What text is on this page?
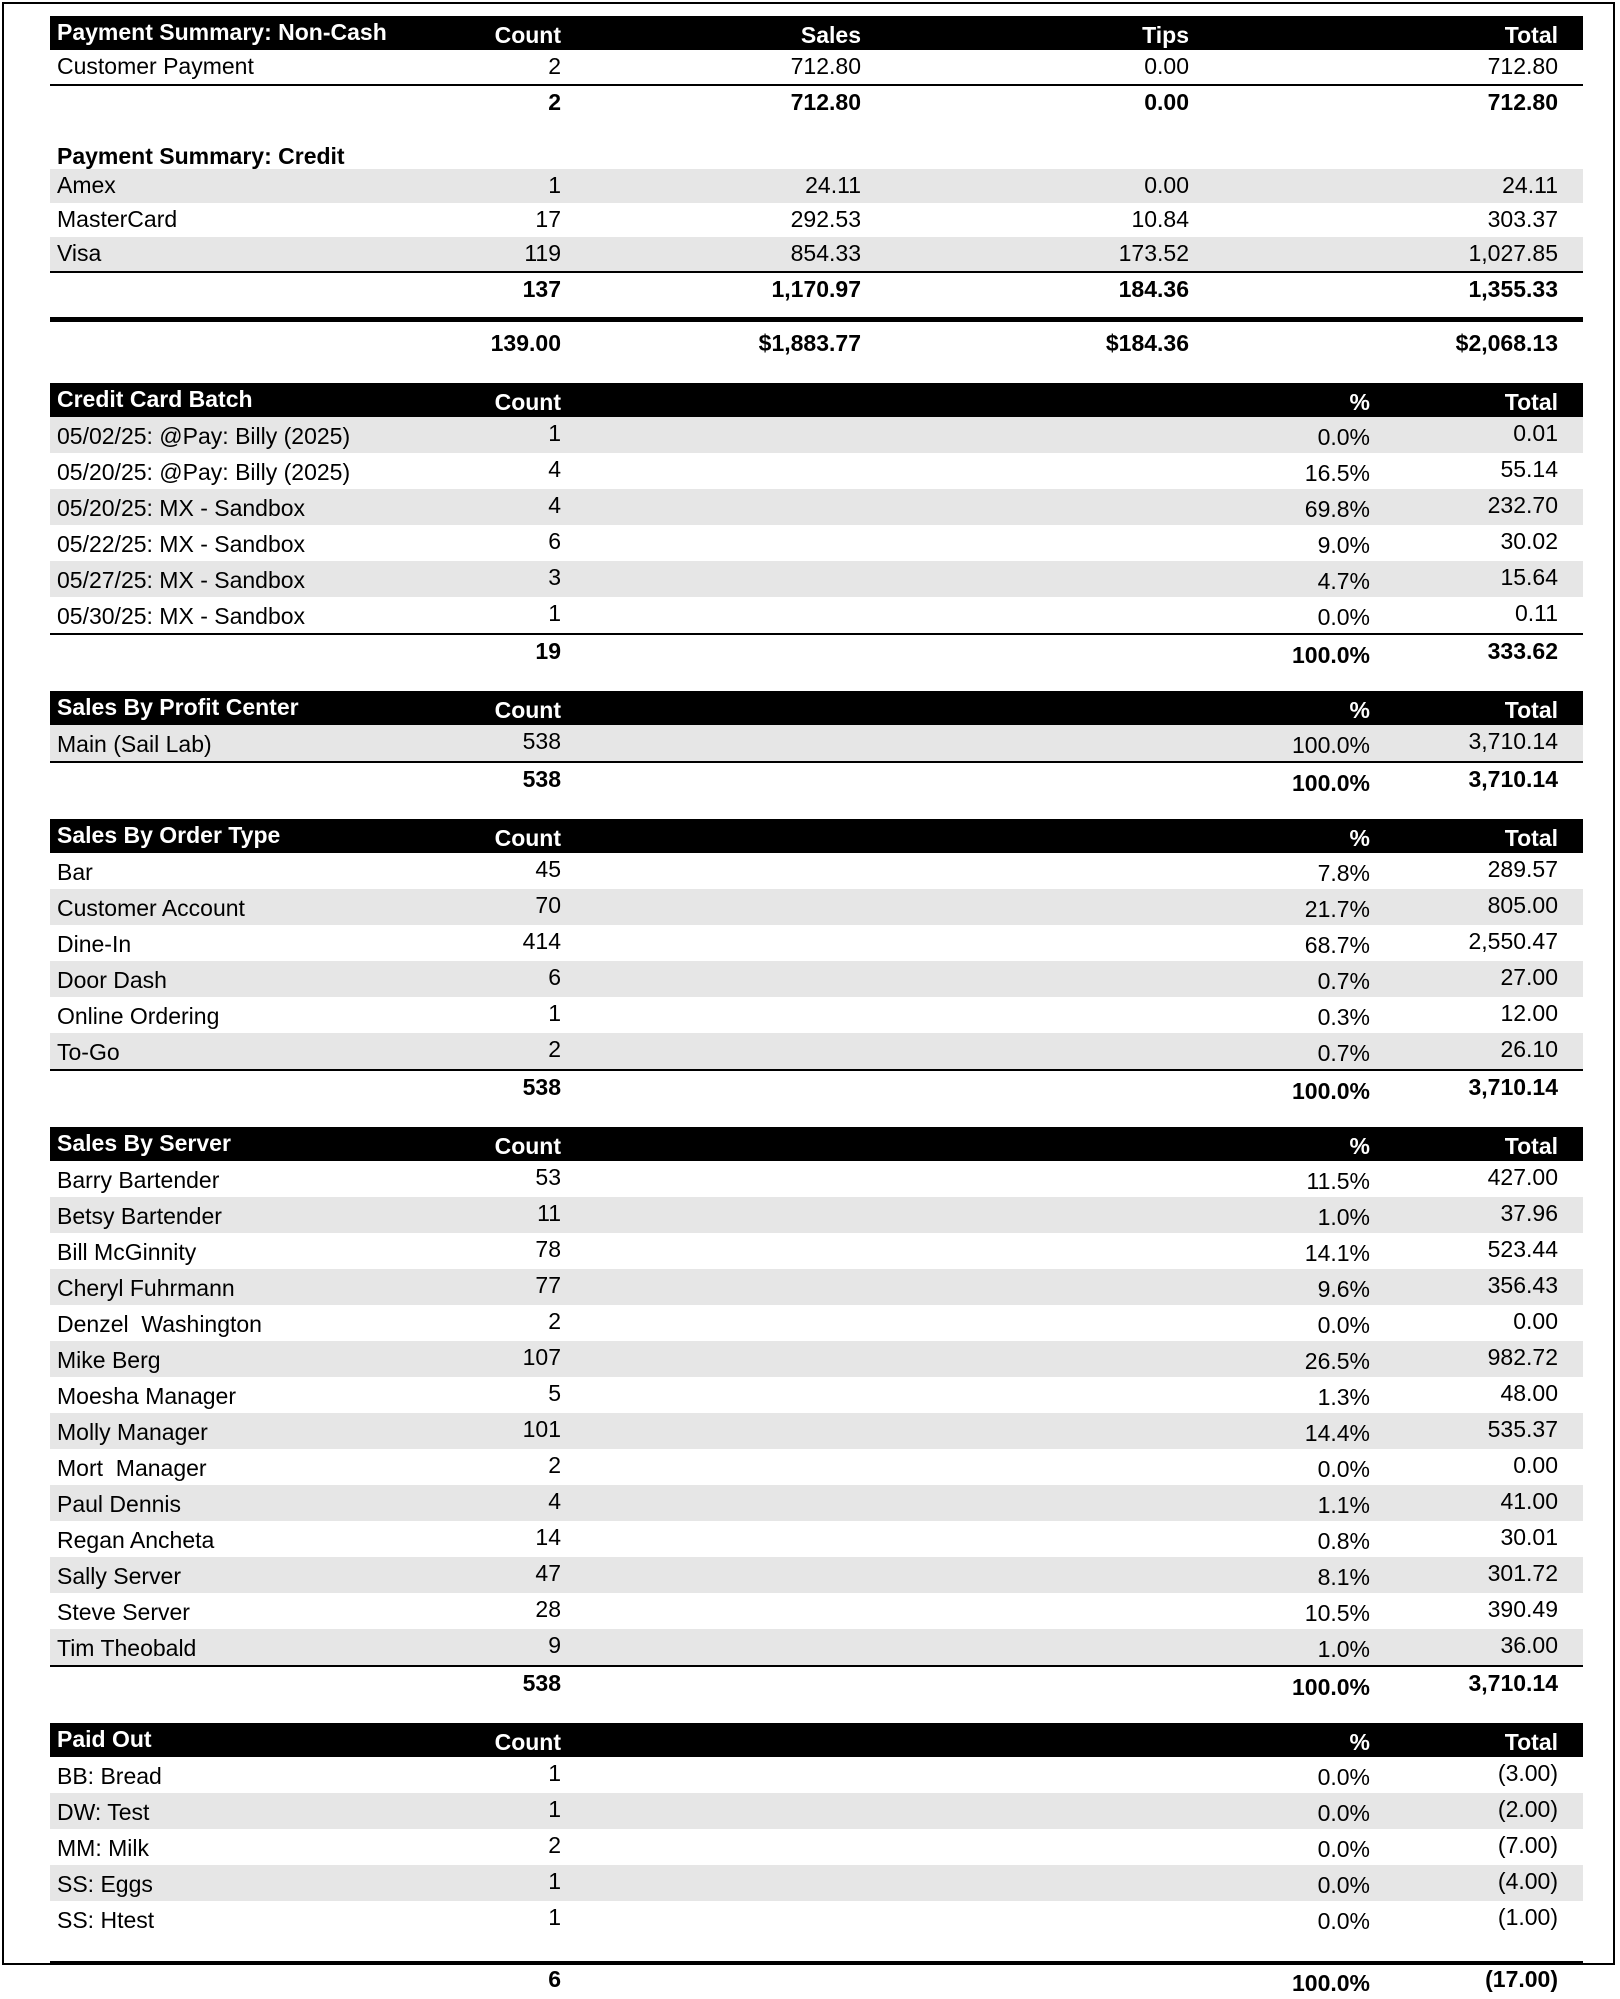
Payment Summary: Non-Cash	Count	Sales	Tips	Total
Customer Payment	2	712.80	0.00	712.80
2	712.80	0.00	712.80
Payment Summary: Credit
Amex	1	24.11	0.00	24.11
MasterCard	17	292.53	10.84	303.37
Visa	119	854.33	173.52	1,027.85
137	1,170.97	184.36	1,355.33
139.00	$1,883.77	$184.36	$2,068.13
Credit Card Batch	Count	%	Total
05/02/25: @Pay: Billy (2025)	1	0.0%	0.01
05/20/25: @Pay: Billy (2025)	4	16.5%	55.14
05/20/25: MX - Sandbox	4	69.8%	232.70
05/22/25: MX - Sandbox	6	9.0%	30.02
05/27/25: MX - Sandbox	3	4.7%	15.64
05/30/25: MX - Sandbox	1	0.0%	0.11
19	100.0%	333.62
Sales By Profit Center	Count	%	Total
Main (Sail Lab)	538	100.0%	3,710.14
538	100.0%	3,710.14
Sales By Order Type	Count	%	Total
Bar	45	7.8%	289.57
Customer Account	70	21.7%	805.00
Dine-In	414	68.7%	2,550.47
Door Dash	6	0.7%	27.00
Online Ordering	1	0.3%	12.00
To-Go	2	0.7%	26.10
538	100.0%	3,710.14
Sales By Server	Count	%	Total
Barry Bartender	53	11.5%	427.00
Betsy Bartender	11	1.0%	37.96
Bill McGinnity	78	14.1%	523.44
Cheryl Fuhrmann	77	9.6%	356.43
Denzel  Washington	2	0.0%	0.00
Mike Berg	107	26.5%	982.72
Moesha Manager	5	1.3%	48.00
Molly Manager	101	14.4%	535.37
Mort  Manager	2	0.0%	0.00
Paul Dennis	4	1.1%	41.00
Regan Ancheta	14	0.8%	30.01
Sally Server	47	8.1%	301.72
Steve Server	28	10.5%	390.49
Tim Theobald	9	1.0%	36.00
538	100.0%	3,710.14
Paid Out	Count	%	Total
BB: Bread	1	0.0%	(3.00)
DW: Test	1	0.0%	(2.00)
MM: Milk	2	0.0%	(7.00)
SS: Eggs	1	0.0%	(4.00)
SS: Htest	1	0.0%	(1.00)
6	100.0%	(17.00)
